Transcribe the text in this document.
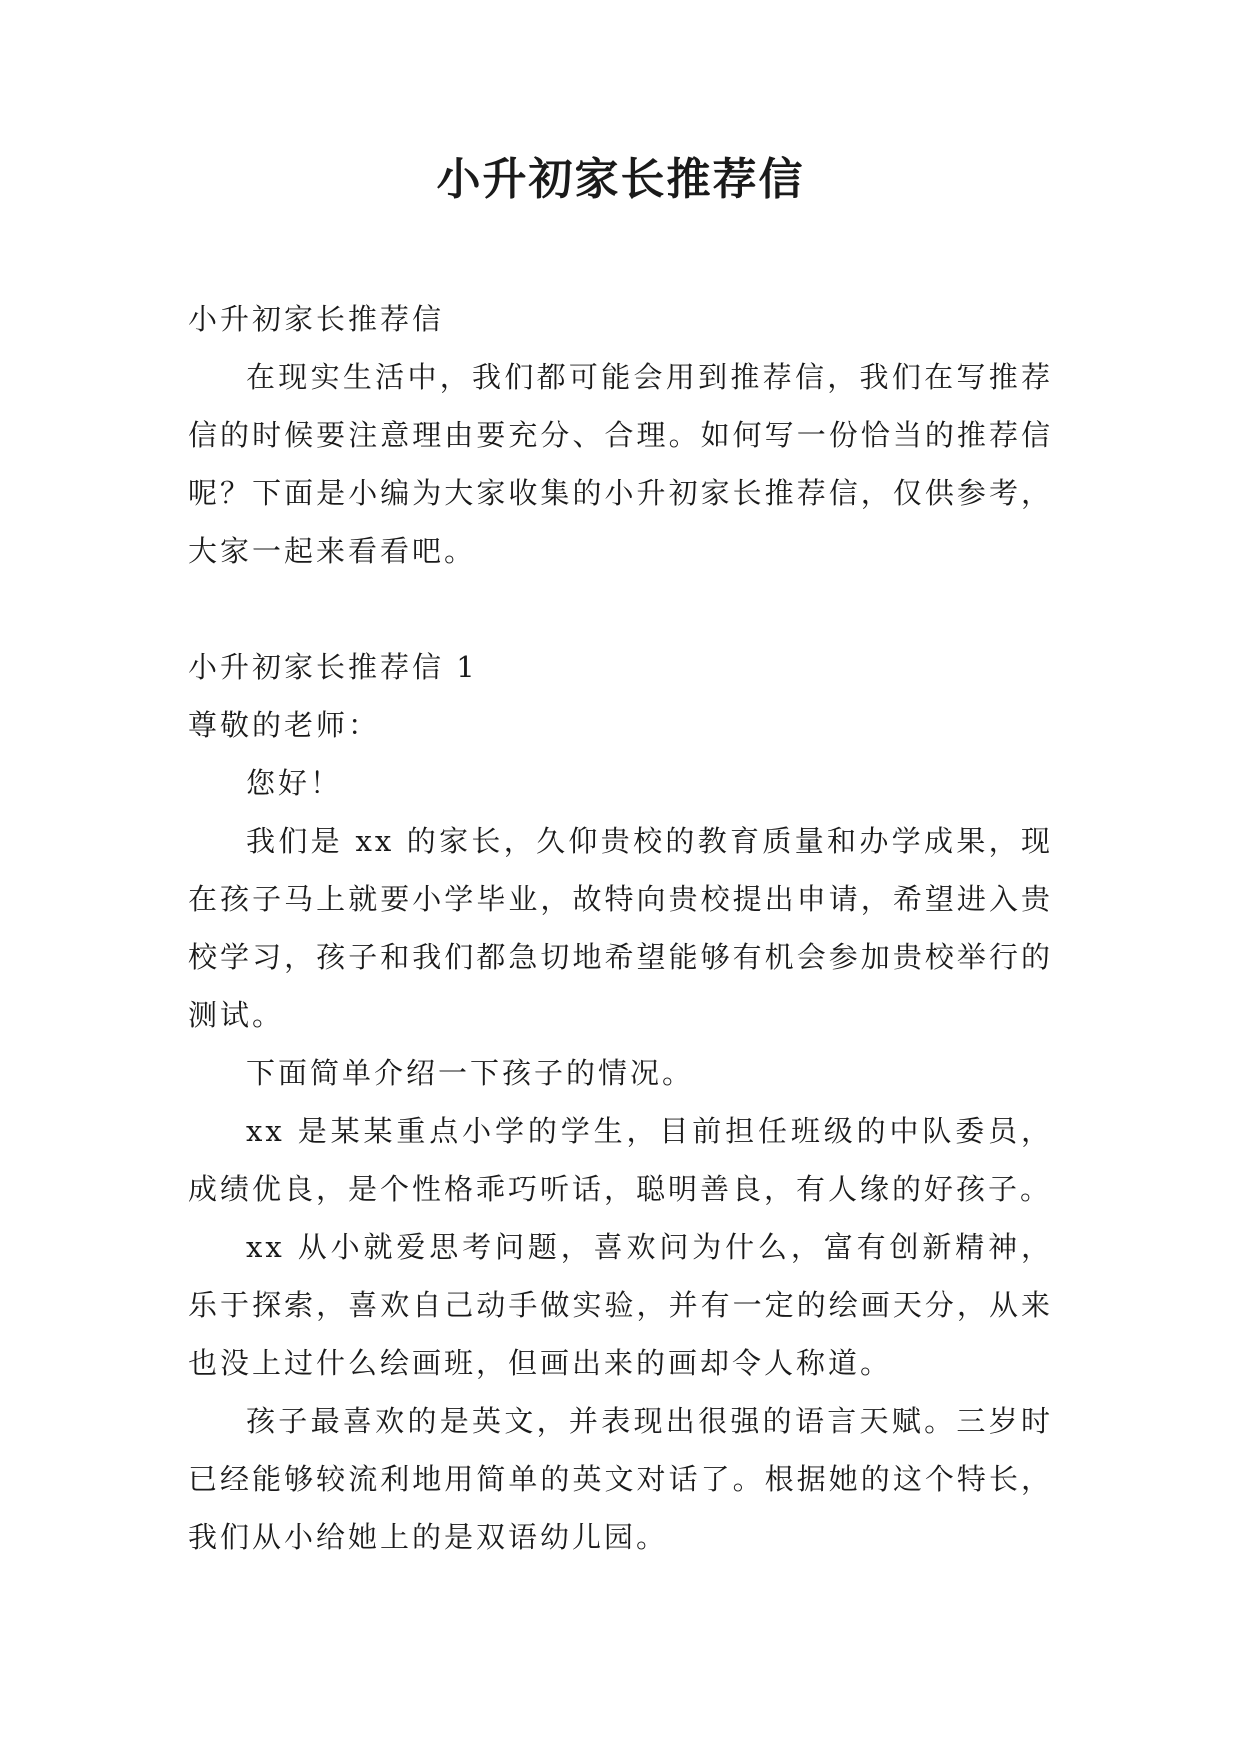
小升初家长推荐信

小升初家长推荐信

在现实生活中，我们都可能会用到推荐信，我们在写推荐信的时候要注意理由要充分、合理。如何写一份恰当的推荐信呢？下面是小编为大家收集的小升初家长推荐信，仅供参考，大家一起来看看吧。

小升初家长推荐信 1

尊敬的老师：

您好！

我们是 xx 的家长，久仰贵校的教育质量和办学成果，现在孩子马上就要小学毕业，故特向贵校提出申请，希望进入贵校学习，孩子和我们都急切地希望能够有机会参加贵校举行的测试。

下面简单介绍一下孩子的情况。

xx 是某某重点小学的学生，目前担任班级的中队委员，成绩优良，是个性格乖巧听话，聪明善良，有人缘的好孩子。

xx 从小就爱思考问题，喜欢问为什么，富有创新精神，乐于探索，喜欢自己动手做实验，并有一定的绘画天分，从来也没上过什么绘画班，但画出来的画却令人称道。

孩子最喜欢的是英文，并表现出很强的语言天赋。三岁时已经能够较流利地用简单的英文对话了。根据她的这个特长，我们从小给她上的是双语幼儿园。
